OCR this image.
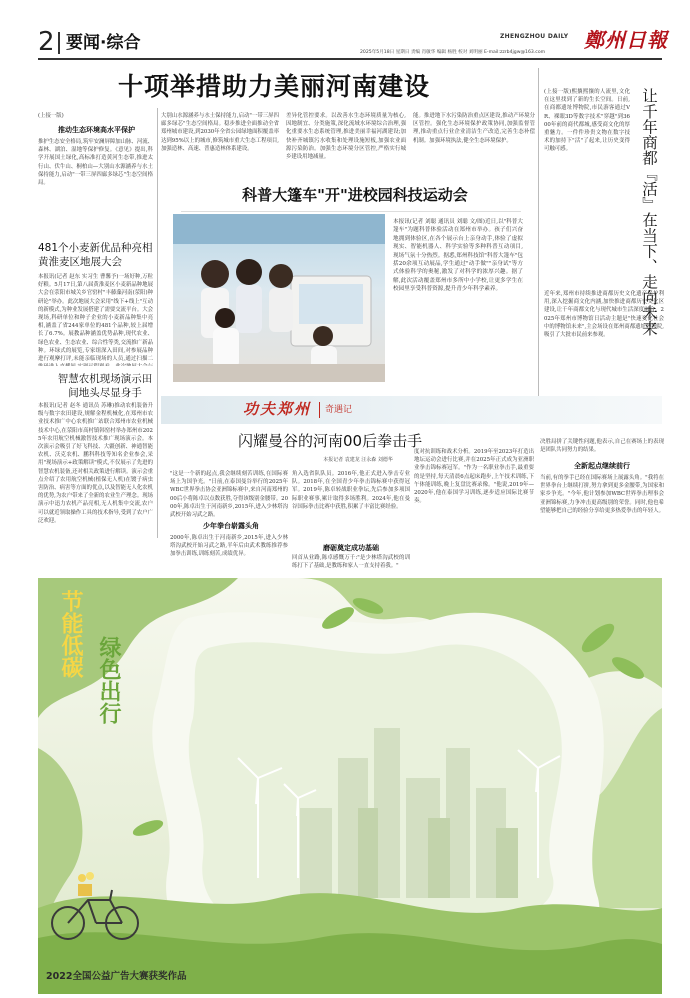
2 要闻·综合	ZHENGZHOU DAILY 鄭州日報
2025年5月18日 星期日 责编 肖敏华 编辑 杨胜 校对 刘明丽 E-mail:zzrb4jgw@163.com
十项举措助力美丽河南建设
(上接一版)
推动生态环境高水平保护
推护生态安全格局,筑牢安澜屏障加山脉、河流、森林、湖泊、湿地等保护修复。《意见》提出,科学开展国土绿化,高标准打造黄河生态带,推进太行山、伏牛山、桐柏山—大别山水源涵养与水土保持能力,启动"一带三屏四廊多绿芯"生态空间格局。
481个小麦新优品种亮相黄淮麦区地展大会
本报讯(记者 赵东 实习生 曹馨予)一场好种,万粒好粮。5月17日,第八届黄淮麦区小麦新品种地展大会在荥阳市城关乡官窑村"丰藤藻河南(荥阳)种研论"举办。此次地展大会采用"线下+线上"互动的新模式,为种业发展搭建了需要交流平台。大会现场,科研单位和种子企业的小麦新品种集中亮相,涵盖了省244家单位的481个品种,较上届增长了6.7%。展教品种涵盖优势品种,现代农业、绿色农业、生态农业、综合性等类,交流推广新品种。环绿式的展览,专家组深入田间,对参展品种进行观摩打评,未能亲临现场的人员,通过扫描二
智慧农机现场演示田间地头尽显身手
本报讯(记者 赵冬 通讯员 苏琳)推动农机装备升级与数字农田建设,规解金程机械化,在郑州市农业技术推广中心农机推广站联合郑州市农业机械技术中心,在荥阳市高村镇韩窑村举办郑州市2025年农用航空机械激智技术推广现场演示会。本次演示会吸引了好飞科技、大疆创新、神通智能农机、沃克农机、鹏科科技等知名企业参会,采用"现场演示+政策解读"模式,不仅展示了先进的智慧农机装备,还对相关政策进行解读。演示会重点介绍了农用航空机械(植保无人机)在镀子病虫害防治、病害等方面的优点,以及智能无人化农机的优势,为农户带来了全新的农业生产理念。现场演示中迅力农机产品亮相,无人机集中交流,农户可以就近领取操作工具的技术指导,受到了农户广泛欢迎。
大别山水源涵养与水土保持能力,启动"一带三屏四廊多绿芯"生态空间格局。稳步推进全面推动全省郑州城市建设,到2030年全省公园绿地面积覆盖率达到95%以上的城市,修筑城市重大生态工程项目,加强造林、高速、普惠造林体系建设。
差异化管控要求。以改善水生态环境质量为核心,因地制宜、分类施策,深化流域水环境综合治理,强化重要水生态系统管理,推进美丽幸福河湖建设;加快补齐城镇污水收集和处理设施短板,加强农业面源污染防治。加强生态环境分区管控,严格实行城乡建设用地减量。
能。推进地下水污染防治重点区建设,推动产环境分区管控。强化生态环境保护政策协同,加强监督管理,推动重点行业企业清洁生产改造,完善生态补偿机制。加强环境执法,健全生态环境保护。
科普大篷车"开"进校园科技运动会
本报讯(记者 刘聪 通讯员 刘聪 文/图)近日,以"科普大篷车"为题科普体验活动在郑州市举办。孩子们兴奋地拥到体验区,在各个展示台上亲身动手,体验了虚拟现实、智能机器人、科学实验等多种科普互动项目,现场气氛十分热烈。据悉,郑州科技馆"科普大篷车"包括20余项互动展品,学生通过"动手做""亲身试"等方式体验科学的奥秘,激发了对科学的浓厚兴趣。据了解,此次活动覆盖郑州市多所中小学校,让更多学生在校园里享受科普资源,提升青少年科学素养。
(上接一版)熙攘熙攘的人流里,文化在这里找到了新的生长空间。日前,在商都遗址博物院,市民游客通过VR、裸眼3D等数字技术"穿越"到3600年前的商代都城,感受商文化的厚重魅力。一件件珍贵文物在数字技术的加持下"活"了起来,让历史变得可触可感。	让千年商都『活』在当下、走向未来
近年来,郑州市持续推进商都历史文化遗产保护利用,深入挖掘商文化内涵,加快推进商都历史文化区建设,让千年商都文化与现代城市生活深度融合。2025年郑州市博物馆日活动主题是"快速变化社会中的博物馆未来",主会场设在郑州商都遗址博物院,吸引了大批市民前来参观。
功夫郑州 奇遇记
闪耀曼谷的河南00后拳击手
本报记者 袁建龙 汪永森 刘德华
"这是一个新的起点,我会继续刻苦训练,在国际赛场上为国争光。"日前,在泰国曼谷举行的2025年WBC世界拳击协会亚洲锦标赛中,来自河南郑州的00后小将陈卓以点数获胜,夺得该级别金腰带。2000年,陈卓出生于河南新乡,2015年,进入少林塔沟武校开始习武之路。
少年拳台崭露头角
2000年,陈卓出生于河南新乡,2015年,进入少林塔沟武校开始习武之路,半年后由武术教练推荐参加拳击训练,训练刻苦,成绩优异。
角入选省队队员。2016年,他正式进入拳击专业队。2018年,在全国青少年拳击锦标赛中获得冠军。2019年,陈卓转战职业拳坛,先后参加多项国际职业赛事,累计取得多场胜利。2024年,他在曼谷国际拳击比赛中获胜,积累了丰富比赛经验。
磨砺奠定成功基础
回首从业路,陈卓感慨万千:"是少林塔沟武校的训练打下了基础,是教练和家人一直支持着我。"
度对抗训练和战术分析。2019年至2023年打造出地坛运动会进行比赛,并在2025年正式成为亚洲职业拳击锦标赛冠军。"作为一名职业拳击手,最重要的是坚持,每天清晨6点起床跑步,上午技术训练,下午体能训练,晚上复盘比赛录像。"他说,2019年—2020年,他在泰国学习训练,逐步适应国际比赛节奏。
决胜局拼了关键性问题,他表示,自己在赛场上的表现是团队共同努力的结果。
全新起点继续前行
当前,有的拳手已经在国际赛场上展露头角。"我将在世界拳台上继续打拼,努力拿到更多金腰带,为国家和家乡争光。"今年,他计划参加WBC世界拳击理事会亚洲锦标赛,力争冲击更高级别的荣誉。同时,他也希望能够把自己的经验分享给更多热爱拳击的年轻人。
节能低碳
绿色出行
2022全国公益广告大赛获奖作品
